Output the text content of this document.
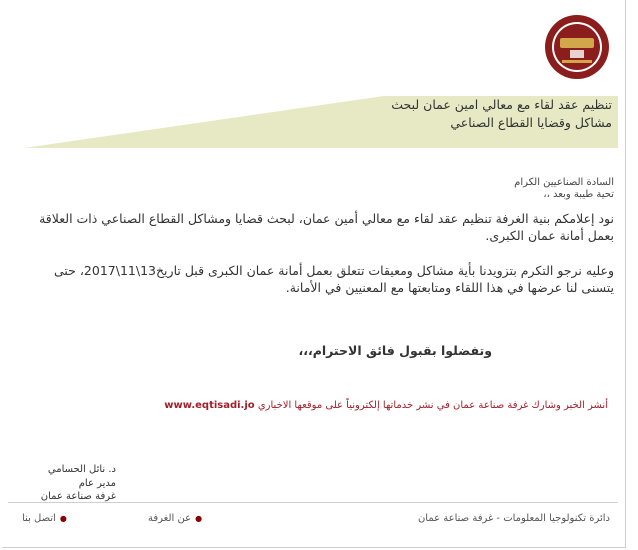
تنظيم عقد لقاء مع معالي امين عمان لبحث مشاكل وقضايا القطاع الصناعي
السادة الصناعيين الكرام
تحية طيبة وبعد ،،
نود إعلامكم بنية الغرفة تنظيم عقد لقاء مع معالي أمين عمان، لبحث قضايا ومشاكل القطاع الصناعي ذات العلاقة بعمل أمانة عمان الكبرى.
وعليه نرجو التكرم بتزويدنا بأية مشاكل ومعيقات تتعلق بعمل أمانة عمان الكبرى قبل تاريخ13\11\2017، حتى يتسنى لنا عرضها في هذا اللقاء ومتابعتها مع المعنيين في الأمانة.
وتفضلوا بقبول فائق الاحترام،،،
أنشر الخبر وشارك غرفة صناعة عمان في نشر خدماتها إلكترونياً على موقعها الاخباري www.eqtisadi.jo
د. نائل الحسامي
مدير عام
غرفة صناعة عمان
دائرة تكنولوجيا المعلومات - غرفة صناعة عمان
●عن الغرفة
●اتصل بنا
